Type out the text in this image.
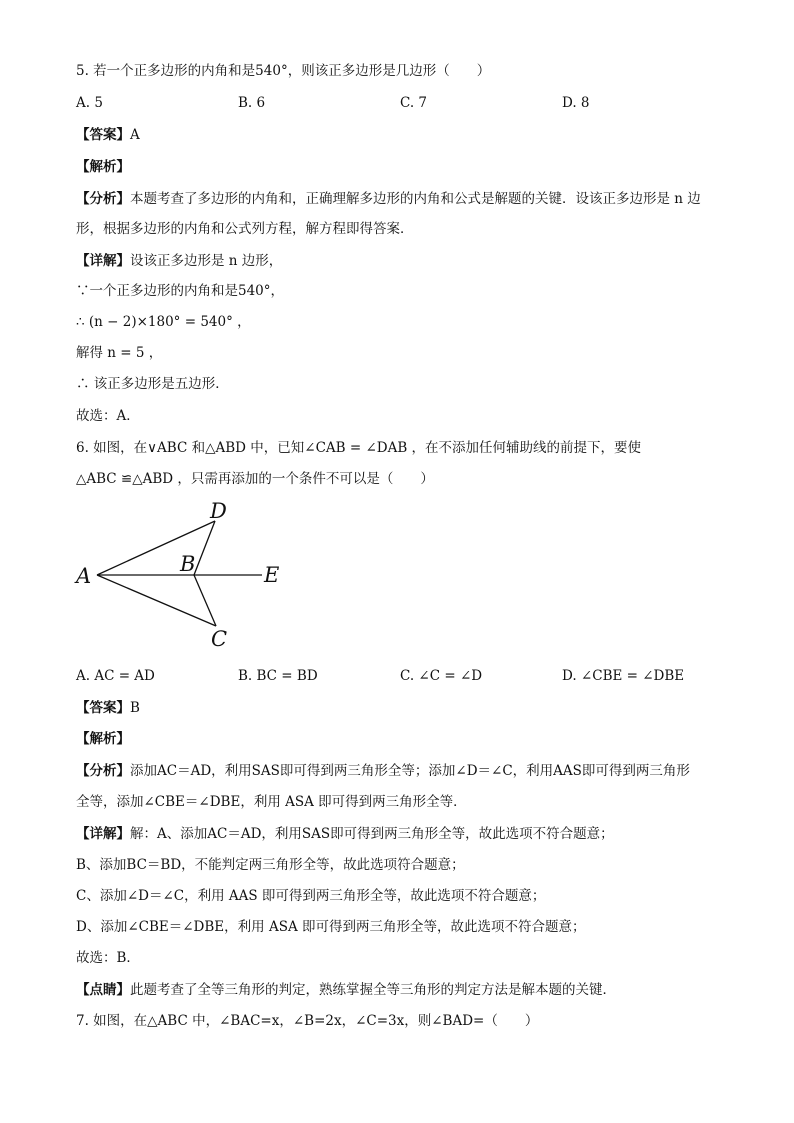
5. 若一个正多边形的内角和是540°，则该正多边形是几边形（　　）
A. 5	B. 6	C. 7	D. 8
【答案】A
【解析】
【分析】本题考查了多边形的内角和，正确理解多边形的内角和公式是解题的关键．设该正多边形是 n 边
形，根据多边形的内角和公式列方程，解方程即得答案．
【详解】设该正多边形是 n 边形，
∵一个正多边形的内角和是540°，
∴ (n − 2)×180° = 540° ，
解得 n = 5 ，
∴ 该正多边形是五边形．
故选：A．
6. 如图，在∨ABC 和△ABD 中，已知∠CAB = ∠DAB ，在不添加任何辅助线的前提下，要使
△ABC ≌△ABD ，只需再添加的一个条件不可以是（　　）
A	B
D
C
E
A. AC = AD	B. BC = BD	C. ∠C = ∠D	D. ∠CBE = ∠DBE
【答案】B
【解析】
【分析】添加AC＝AD，利用SAS即可得到两三角形全等；添加∠D＝∠C，利用AAS即可得到两三角形
全等，添加∠CBE＝∠DBE，利用 ASA 即可得到两三角形全等．
【详解】解：A、添加AC＝AD，利用SAS即可得到两三角形全等，故此选项不符合题意；
B、添加BC＝BD，不能判定两三角形全等，故此选项符合题意；
C、添加∠D＝∠C，利用 AAS 即可得到两三角形全等，故此选项不符合题意；
D、添加∠CBE＝∠DBE，利用 ASA 即可得到两三角形全等，故此选项不符合题意；
故选：B．
【点睛】此题考查了全等三角形的判定，熟练掌握全等三角形的判定方法是解本题的关键．
7. 如图，在△ABC 中，∠BAC=x，∠B=2x，∠C=3x，则∠BAD=（　　）
